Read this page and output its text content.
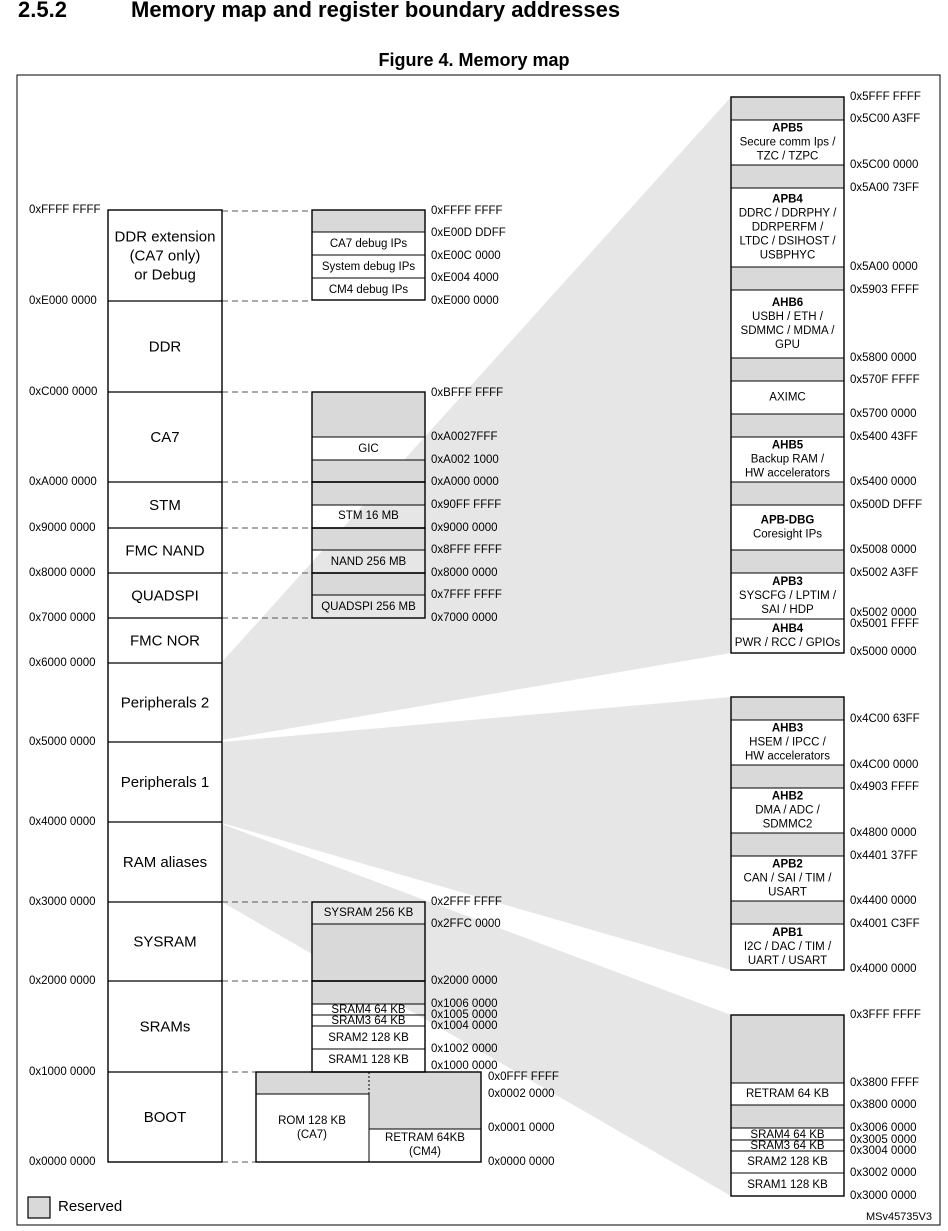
2.5.2	Memory map and register boundary addresses
Figure 4. Memory map
MSv45735V3
Reserved
DDR extension
(CA7 only)
or Debug
DDR
CA7
STM
FMC NAND
QUADSPI
FMC NOR
Peripherals 2
Peripherals 1
RAM aliases
SYSRAM
SRAMs
BOOT
0xFFFF FFFF
0xE000 0000
0xC000 0000
0xA000 0000
0x9000 0000
0x8000 0000
0x7000 0000
0x6000 0000
0x5000 0000
0x4000 0000
0x3000 0000
0x2000 0000
0x1000 0000
0x0000 0000
CA7 debug IPs
System debug IPs
CM4 debug IPs
0xFFFF FFFF
0xE00D DDFF
0xE00C 0000
0xE004 4000
0xE000 0000
GIC
0xBFFF FFFF
0xA0027FFF
0xA002 1000
0xA000 0000
STM 16 MB
0x90FF FFFF
0x9000 0000
NAND 256 MB
0x8FFF FFFF
0x8000 0000
QUADSPI 256 MB
0x7FFF FFFF
0x7000 0000
SYSRAM 256 KB
0x2FFF FFFF
0x2FFC 0000
0x2000 0000
SRAM4 64 KB
SRAM3 64 KB
SRAM2 128 KB
SRAM1 128 KB
0x1006 0000
0x1005 0000
0x1004 0000
0x1002 0000
0x1000 0000
ROM 128 KB
(CA7)	RETRAM 64KB
(CM4)
0x0FFF FFFF
0x0002 0000
0x0001 0000
0x0000 0000
APB5
Secure comm Ips /
TZC / TZPC
APB4
DDRC / DDRPHY /
DDRPERFM /
LTDC / DSIHOST /
USBPHYC
AHB6
USBH / ETH /
SDMMC / MDMA /
GPU
AXIMC
AHB5
Backup RAM /
HW accelerators
APB-DBG
Coresight IPs
APB3
SYSCFG / LPTIM /
SAI / HDP
AHB4
PWR / RCC / GPIOs
0x5FFF FFFF
0x5C00 A3FF
0x5C00 0000
0x5A00 73FF
0x5A00 0000
0x5903 FFFF
0x5800 0000
0x570F FFFF
0x5700 0000
0x5400 43FF
0x5400 0000
0x500D DFFF
0x5008 0000
0x5002 A3FF
0x5002 0000
0x5001 FFFF
0x5000 0000
AHB3
HSEM / IPCC /
HW accelerators
AHB2
DMA / ADC /
SDMMC2
APB2
CAN / SAI / TIM /
USART
APB1
I2C / DAC / TIM /
UART / USART
0x4C00 63FF
0x4C00 0000
0x4903 FFFF
0x4800 0000
0x4401 37FF
0x4400 0000
0x4001 C3FF
0x4000 0000
RETRAM 64 KB
SRAM4 64 KB
SRAM3 64 KB
SRAM2 128 KB
SRAM1 128 KB
0x3FFF FFFF
0x3800 FFFF
0x3800 0000
0x3006 0000
0x3005 0000
0x3004 0000
0x3002 0000
0x3000 0000
